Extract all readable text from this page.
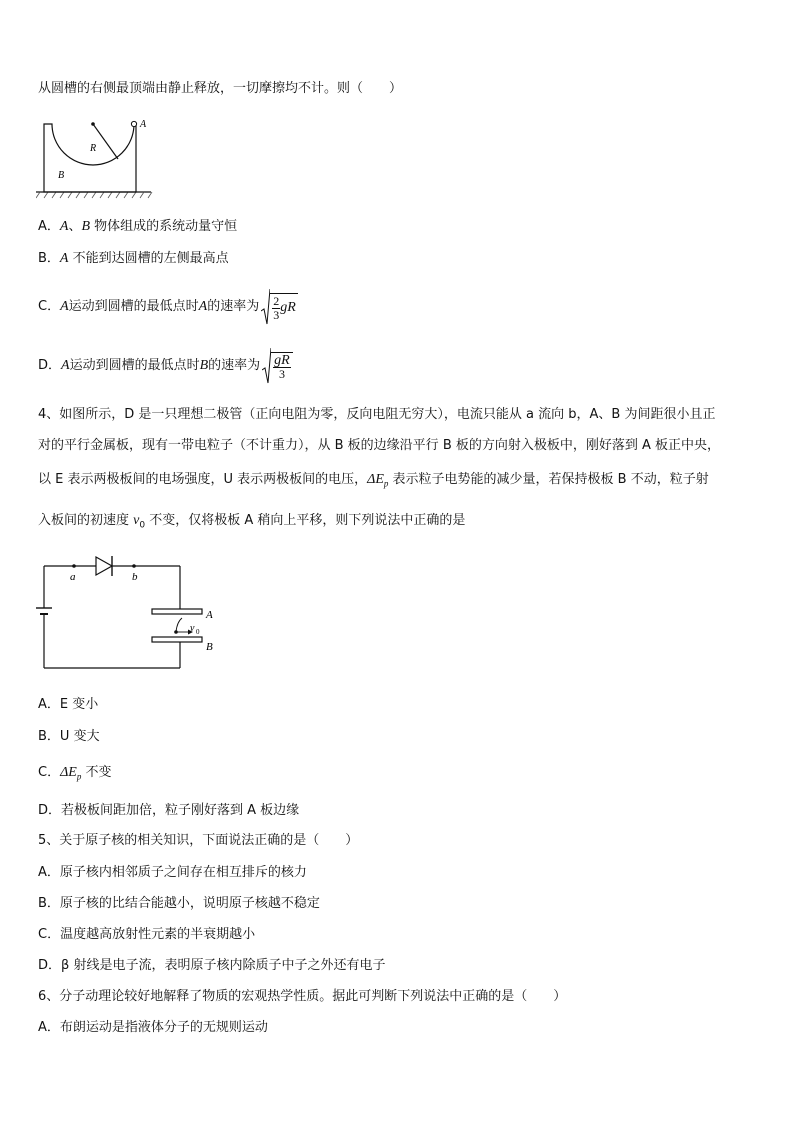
从圆槽的右侧最顶端由静止释放，一切摩擦均不计。则（　　）
A
R
B
A．A、B 物体组成的系统动量守恒
B．A 不能到达圆槽的左侧最高点
C． A 运动到圆槽的最低点时 A 的速率为 $\frac{2}{3}$ gR
D． A 运动到圆槽的最低点时 B 的速率为 $\frac{gR}{3}$
4、如图所示，D 是一只理想二极管（正向电阻为零，反向电阻无穷大），电流只能从 a 流向 b，A、B 为间距很小且正
对的平行金属板，现有一带电粒子（不计重力），从 B 板的边缘沿平行 B 板的方向射入极板中，刚好落到 A 板正中央，
以 E 表示两极板间的电场强度，U 表示两极板间的电压，$\Delta E_p$ 表示粒子电势能的减少量，若保持极板 B 不动，粒子射
入板间的初速度 $v_0$ 不变，仅将极板 A 稍向上平移，则下列说法中正确的是
a	b
A
B
v 0
A．E 变小
B．U 变大
C．$\Delta E_p$ 不变
D．若极板间距加倍，粒子刚好落到 A 板边缘
5、关于原子核的相关知识，下面说法正确的是（　　）
A．原子核内相邻质子之间存在相互排斥的核力
B．原子核的比结合能越小，说明原子核越不稳定
C．温度越高放射性元素的半衰期越小
D．β 射线是电子流，表明原子核内除质子中子之外还有电子
6、分子动理论较好地解释了物质的宏观热学性质。据此可判断下列说法中正确的是（　　）
A．布朗运动是指液体分子的无规则运动
